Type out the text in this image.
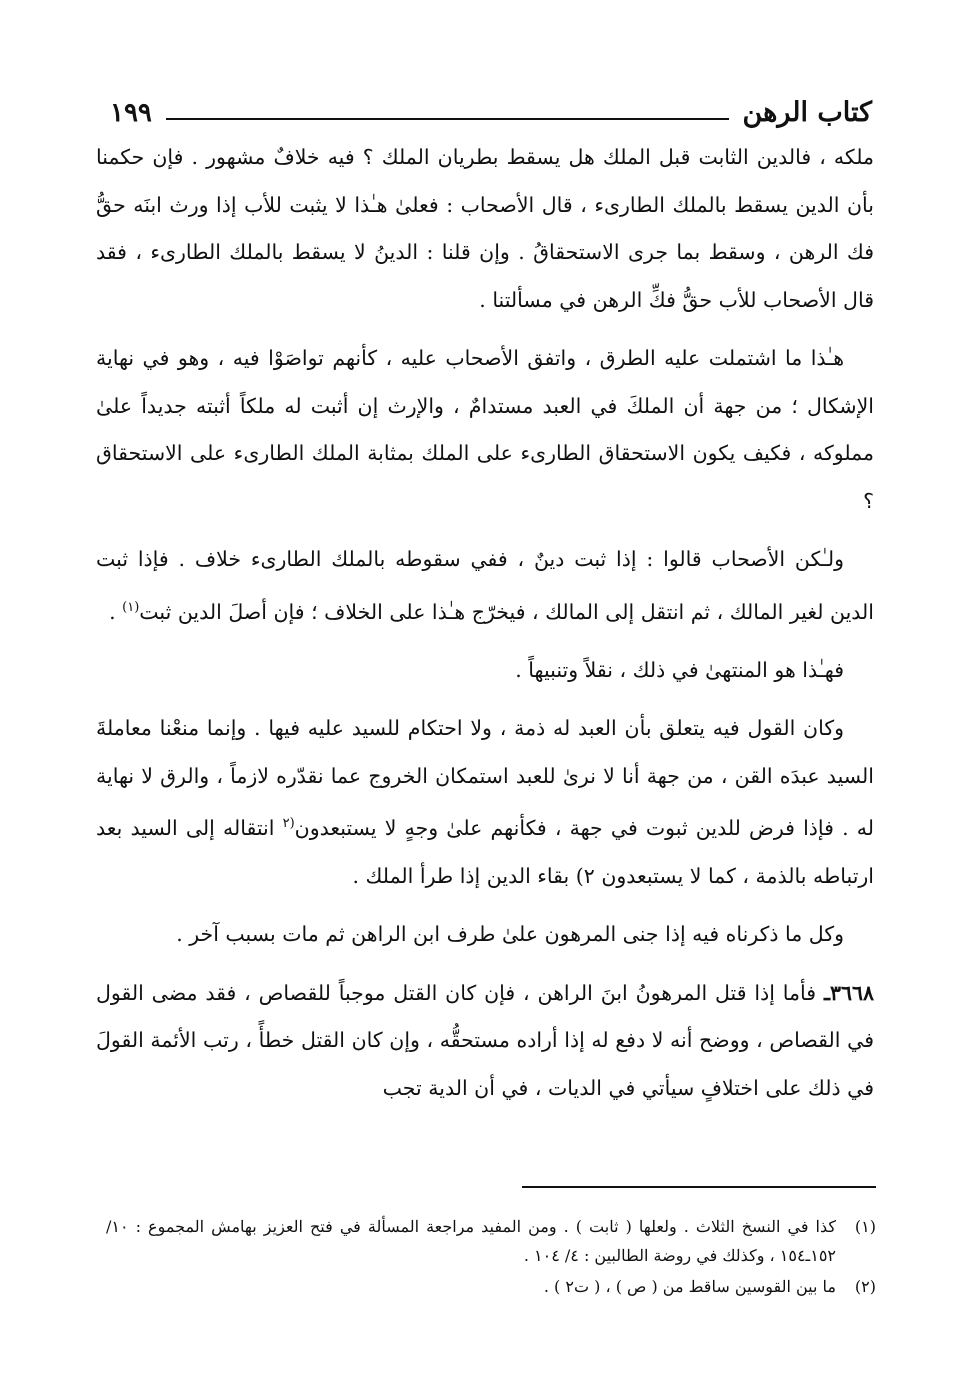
كتاب الرهن
١٩٩

ملكه ، فالدين الثابت قبل الملك هل يسقط بطريان الملك ؟ فيه خلافٌ مشهور . فإن حكمنا بأن الدين يسقط بالملك الطارىء ، قال الأصحاب : فعلىٰ هـٰذا لا يثبت للأب إذا ورث ابنَه حقُّ فك الرهن ، وسقط بما جرى الاستحقاقُ . وإن قلنا : الدينُ لا يسقط بالملك الطارىء ، فقد قال الأصحاب للأب حقُّ فكِّ الرهن في مسألتنا .

هـٰذا ما اشتملت عليه الطرق ، واتفق الأصحاب عليه ، كأنهم تواصَوْا فيه ، وهو في نهاية الإشكال ؛ من جهة أن الملكَ في العبد مستدامٌ ، والإرث إن أثبت له ملكاً أثبته جديداً علىٰ مملوكه ، فكيف يكون الاستحقاق الطارىء على الملك بمثابة الملك الطارىء على الاستحقاق ؟

ولـٰكن الأصحاب قالوا : إذا ثبت دينٌ ، ففي سقوطه بالملك الطارىء خلاف . فإذا ثبت الدين لغير المالك ، ثم انتقل إلى المالك ، فيخرّج هـٰذا على الخلاف ؛ فإن أصلَ الدين ثبت$^{(١)}$ .

فهـٰذا هو المنتهىٰ في ذلك ، نقلاً وتنبيهاً .

وكان القول فيه يتعلق بأن العبد له ذمة ، ولا احتكام للسيد عليه فيها . وإنما منعْنا معاملةَ السيد عبدَه القن ، من جهة أنا لا نرىٰ للعبد استمكان الخروج عما نقدّره لازماً ، والرق لا نهاية له . فإذا فرض للدين ثبوت في جهة ، فكأنهم علىٰ وجهٍ لا يستبعدون$^{(٢}$ انتقاله إلى السيد بعد ارتباطه بالذمة ، كما لا يستبعدون ٢) بقاء الدين إذا طرأ الملك .

وكل ما ذكرناه فيه إذا جنى المرهون علىٰ طرف ابن الراهن ثم مات بسبب آخر .

٣٦٦٨ـ فأما إذا قتل المرهونُ ابنَ الراهن ، فإن كان القتل موجباً للقصاص ، فقد مضى القول في القصاص ، ووضح أنه لا دفع له إذا أراده مستحقُّه ، وإن كان القتل خطأً ، رتب الأئمة القولَ في ذلك على اختلافٍ سيأتي في الديات ، في أن الدية تجب

(١)
كذا في النسخ الثلاث . ولعلها ( ثابت ) . ومن المفيد مراجعة المسألة في فتح العزيز بهامش المجموع : ١٠/ ١٥٢ـ١٥٤ ، وكذلك في روضة الطالبين : ٤/ ١٠٤ .
(٢)
ما بين القوسين ساقط من ( ص ) ، ( ت٢ ) .
